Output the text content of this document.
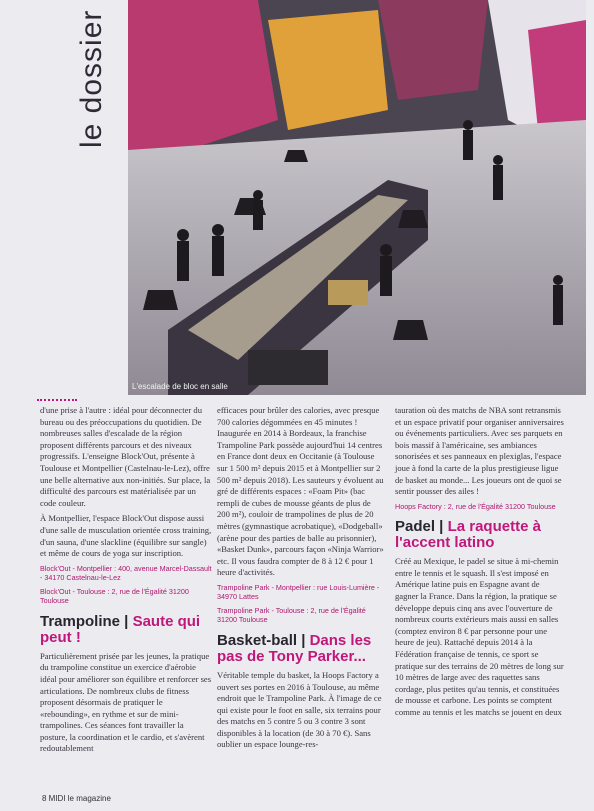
le dossier
L'escalade de bloc en salle

d'une prise à l'autre : idéal pour déconnecter du bureau ou des préoccupations du quotidien. De nombreuses salles d'escalade de la région proposent différents parcours et des niveaux progressifs. L'enseigne Block'Out, présente à Toulouse et Montpellier (Castelnau-le-Lez), offre une belle alternative aux non-initiés. Sur place, la difficulté des parcours est matérialisée par un code couleur.

À Montpellier, l'espace Block'Out dispose aussi d'une salle de musculation orientée cross training, d'un sauna, d'une slackline (équilibre sur sangle) et même de cours de yoga sur inscription.

Block'Out - Montpellier : 400, avenue Marcel-Dassault - 34170 Castelnau-le-Lez

Block'Out - Toulouse : 2, rue de l'Égalité 31200 Toulouse

Trampoline | Saute qui peut !

Particulièrement prisée par les jeunes, la pratique du trampoline constitue un exercice d'aérobie idéal pour améliorer son équilibre et renforcer ses articulations. De nombreux clubs de fitness proposent désormais de pratiquer le «rebounding», en rythme et sur de mini-trampolines. Ces séances font travailler la posture, la coordination et le cardio, et s'avèrent redoutablement

efficaces pour brûler des calories, avec presque 700 calories dégommées en 45 minutes ! Inaugurée en 2014 à Bordeaux, la franchise Trampoline Park possède aujourd'hui 14 centres en France dont deux en Occitanie (à Toulouse sur 1 500 m² depuis 2015 et à Montpellier sur 2 500 m² depuis 2018). Les sauteurs y évoluent au gré de différents espaces : «Foam Pit» (bac rempli de cubes de mousse géants de plus de 200 m²), couloir de trampolines de plus de 20 mètres (gymnastique acrobatique), «Dodgeball» (arène pour des parties de balle au prisonnier), «Basket Dunk», parcours façon «Ninja Warrior» etc. Il vous faudra compter de 8 à 12 € pour 1 heure d'activités.

Trampoline Park - Montpellier : rue Louis-Lumière - 34970 Lattes

Trampoline Park - Toulouse : 2, rue de l'Égalité 31200 Toulouse

Basket-ball | Dans les pas de Tony Parker...

Véritable temple du basket, la Hoops Factory a ouvert ses portes en 2016 à Toulouse, au même endroit que le Trampoline Park. À l'image de ce qui existe pour le foot en salle, six terrains pour des matchs en 5 contre 5 ou 3 contre 3 sont disponibles à la location (de 30 à 70 €). Sans oublier un espace lounge-res-

tauration où des matchs de NBA sont retransmis et un espace privatif pour organiser anniversaires ou événements particuliers. Avec ses parquets en bois massif à l'américaine, ses ambiances sonorisées et ses panneaux en plexiglas, l'espace joue à fond la carte de la plus prestigieuse ligue de basket au monde... Les joueurs ont de quoi se sentir pousser des ailes !

Hoops Factory : 2, rue de l'Égalité 31200 Toulouse

Padel | La raquette à l'accent latino

Créé au Mexique, le padel se situe à mi-chemin entre le tennis et le squash. Il s'est imposé en Amérique latine puis en Espagne avant de gagner la France. Dans la région, la pratique se développe depuis cinq ans avec l'ouverture de nombreux courts extérieurs mais aussi en salles (comptez environ 8 € par personne pour une heure de jeu). Rattaché depuis 2014 à la Fédération française de tennis, ce sport se pratique sur des terrains de 20 mètres de long sur 10 mètres de large avec des raquettes sans cordage, plus petites qu'au tennis, et constituées de mousse et carbone. Les points se comptent comme au tennis et les matchs se jouent en deux

8 MIDI le magazine
